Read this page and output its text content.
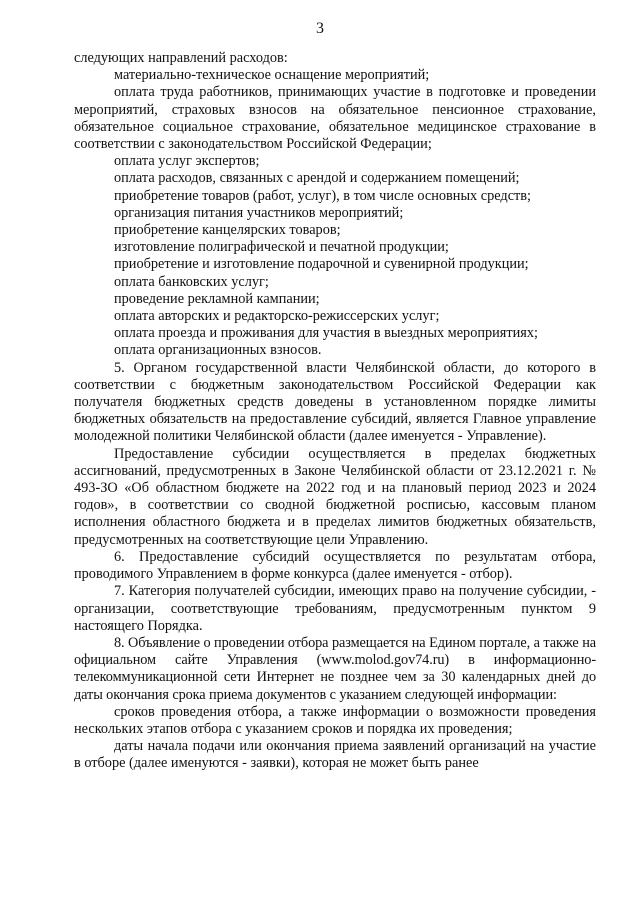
3

следующих направлений расходов:

материально-техническое оснащение мероприятий;

оплата труда работников, принимающих участие в подготовке и проведении мероприятий, страховых взносов на обязательное пенсионное страхование, обязательное социальное страхование, обязательное медицинское страхование в соответствии с законодательством Российской Федерации;

оплата услуг экспертов;

оплата расходов, связанных с арендой и содержанием помещений;

приобретение товаров (работ, услуг), в том числе основных средств;

организация питания участников мероприятий;

приобретение канцелярских товаров;

изготовление полиграфической и печатной продукции;

приобретение и изготовление подарочной и сувенирной продукции;

оплата банковских услуг;

проведение рекламной кампании;

оплата авторских и редакторско-режиссерских услуг;

оплата проезда и проживания для участия в выездных мероприятиях;

оплата организационных взносов.

5. Органом государственной власти Челябинской области, до которого в соответствии с бюджетным законодательством Российской Федерации как получателя бюджетных средств доведены в установленном порядке лимиты бюджетных обязательств на предоставление субсидий, является Главное управление молодежной политики Челябинской области (далее именуется - Управление).

Предоставление субсидии осуществляется в пределах бюджетных ассигнований, предусмотренных в Законе Челябинской области от 23.12.2021 г. № 493-ЗО «Об областном бюджете на 2022 год и на плановый период 2023 и 2024 годов», в соответствии со сводной бюджетной росписью, кассовым планом исполнения областного бюджета и в пределах лимитов бюджетных обязательств, предусмотренных на соответствующие цели Управлению.

6. Предоставление субсидий осуществляется по результатам отбора, проводимого Управлением в форме конкурса (далее именуется - отбор).

7. Категория получателей субсидии, имеющих право на получение субсидии, - организации, соответствующие требованиям, предусмотренным пунктом 9 настоящего Порядка.

8. Объявление о проведении отбора размещается на Едином портале, а также на официальном сайте Управления (www.molod.gov74.ru) в информационно-телекоммуникационной сети Интернет не позднее чем за 30 календарных дней до даты окончания срока приема документов с указанием следующей информации:

сроков проведения отбора, а также информации о возможности проведения нескольких этапов отбора с указанием сроков и порядка их проведения;

даты начала подачи или окончания приема заявлений организаций на участие в отборе (далее именуются - заявки), которая не может быть ранее
